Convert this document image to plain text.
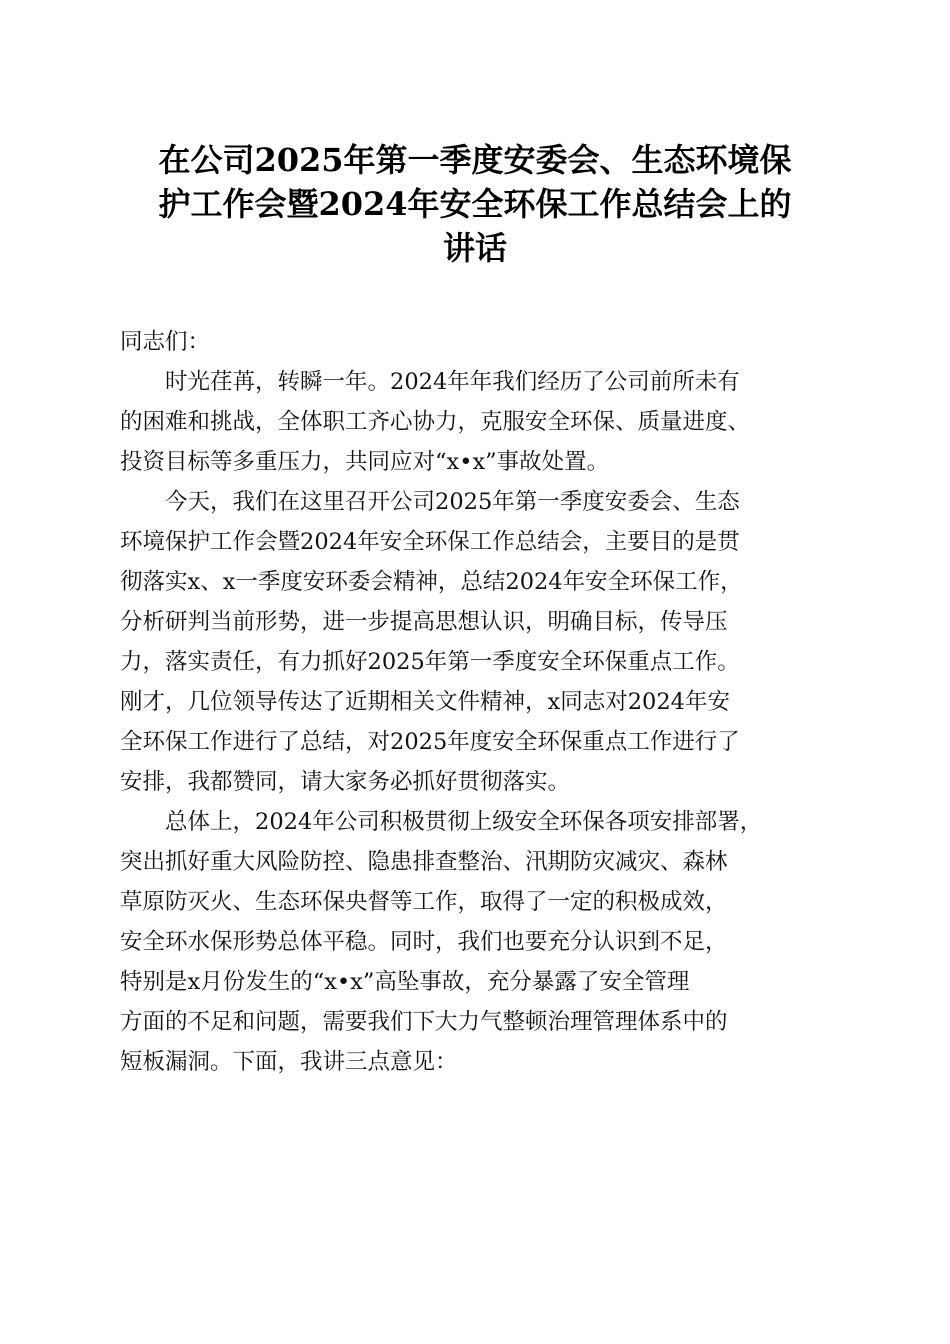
在公司2025年第一季度安委会、生态环境保
护工作会暨2024年安全环保工作总结会上的
讲话
同志们：
时光荏苒，转瞬一年。2024年年我们经历了公司前所未有
的困难和挑战，全体职工齐心协力，克服安全环保、质量进度、
投资目标等多重压力，共同应对“x•x”事故处置。
今天，我们在这里召开公司2025年第一季度安委会、生态
环境保护工作会暨2024年安全环保工作总结会，主要目的是贯
彻落实x、x一季度安环委会精神，总结2024年安全环保工作，
分析研判当前形势，进一步提高思想认识，明确目标，传导压
力，落实责任，有力抓好2025年第一季度安全环保重点工作。
刚才，几位领导传达了近期相关文件精神，x同志对2024年安
全环保工作进行了总结，对2025年度安全环保重点工作进行了
安排，我都赞同，请大家务必抓好贯彻落实。
总体上，2024年公司积极贯彻上级安全环保各项安排部署，
突出抓好重大风险防控、隐患排查整治、汛期防灾减灾、森林
草原防灭火、生态环保央督等工作，取得了一定的积极成效，
安全环水保形势总体平稳。同时，我们也要充分认识到不足，
特别是x月份发生的“x•x”高坠事故，充分暴露了安全管理
方面的不足和问题，需要我们下大力气整顿治理管理体系中的
短板漏洞。下面，我讲三点意见：
